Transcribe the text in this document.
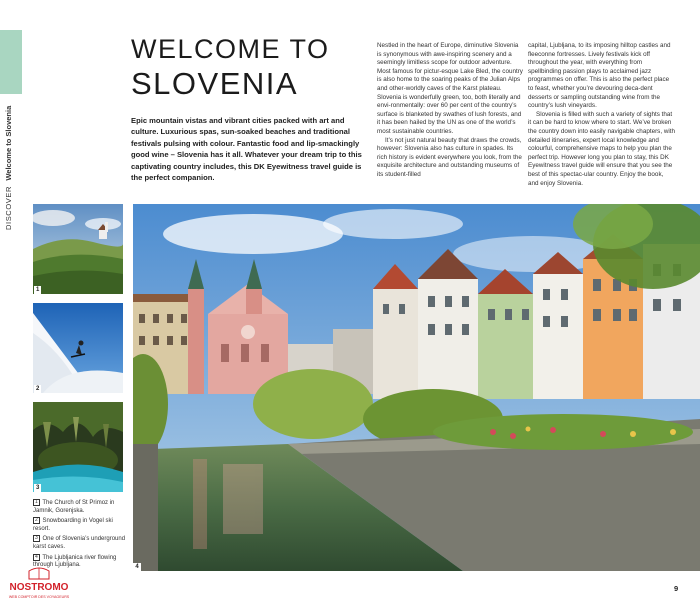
DISCOVER  Welcome to Slovenia
WELCOME TO
SLOVENIA
Epic mountain vistas and vibrant cities packed with art and culture. Luxurious spas, sun-soaked beaches and traditional festivals pulsing with colour. Fantastic food and lip-smackingly good wine – Slovenia has it all. Whatever your dream trip to this captivating country includes, this DK Eyewitness travel guide is the perfect companion.

Nestled in the heart of Europe, diminutive Slovenia is synonymous with awe-inspiring scenery and a seemingly limitless scope for outdoor adventure. Most famous for pictur-esque Lake Bled, the country is also home to the soaring peaks of the Julian Alps and other-worldly caves of the Karst plateau. Slovenia is wonderfully green, too, both literally and envi-ronmentally: over 60 per cent of the country’s surface is blanketed by swathes of lush forests, and it has been hailed by the UN as one of the world’s most sustainable countries.

It’s not just natural beauty that draws the crowds, however: Slovenia also has culture in spades. Its rich history is evident everywhere you look, from the exquisite architecture and outstanding museums of its student-filled

capital, Ljubljana, to its imposing hilltop castles and fleeconne fortresses. Lively festivals kick off throughout the year, with everything from spellbinding passion plays to acclaimed jazz programmes on offer. This is also the perfect place to feast, whether you’re devouring deca-dent desserts or sampling outstanding wine from the country’s lush vineyards.

Slovenia is filled with such a variety of sights that it can be hard to know where to start. We’ve broken the country down into easily navigable chapters, with detailed itineraries, expert local knowledge and colourful, comprehensive maps to help you plan the perfect trip. However long you plan to stay, this DK Eyewitness travel guide will ensure that you see the best of this spectac-ular country. Enjoy the book, and enjoy Slovenia.

1
2
3
1 The Church of St Primoz in Jamnik, Gorenjska.
2 Snowboarding in Vogel ski resort.
3 One of Slovenia’s underground karst caves.
4 The Ljubljanica river flowing through Ljubljana.	4
9
NOSTROMO
WEB COMPTOIR DES VOYAGEURS
